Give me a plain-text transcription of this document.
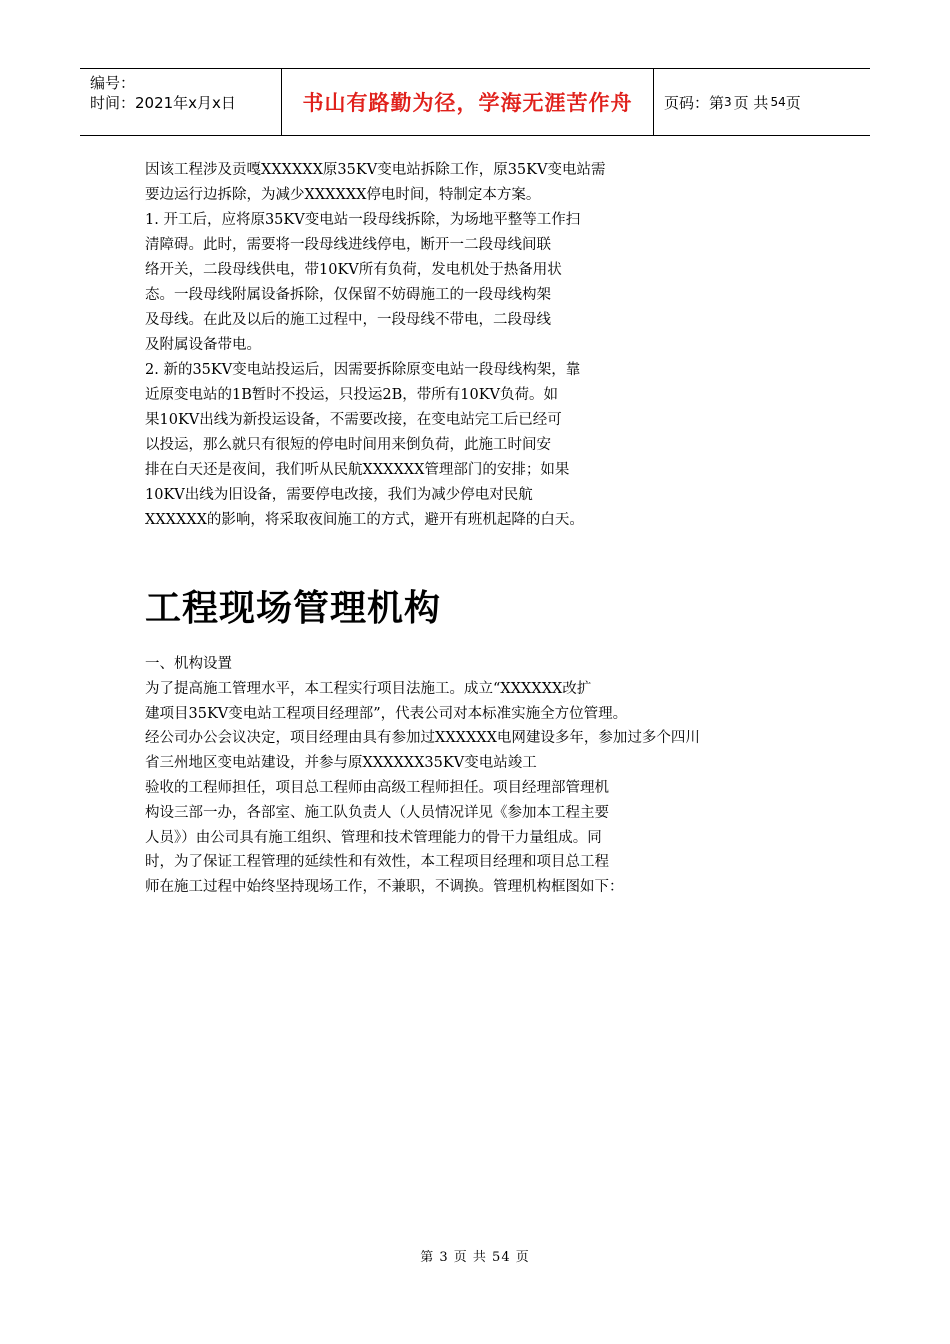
编号：
时间：2021年x月x日	书山有路勤为径，学海无涯苦作舟	页码：第 3 页 共 54 页

因该工程涉及贡嘎XXXXXX原35KV变电站拆除工作，原35KV变电站需

要边运行边拆除，为减少XXXXXX停电时间，特制定本方案。

1. 开工后，应将原35KV变电站一段母线拆除，为场地平整等工作扫

清障碍。此时，需要将一段母线进线停电，断开一二段母线间联

络开关，二段母线供电，带10KV所有负荷，发电机处于热备用状

态。一段母线附属设备拆除，仅保留不妨碍施工的一段母线构架

及母线。在此及以后的施工过程中，一段母线不带电，二段母线

及附属设备带电。

2. 新的35KV变电站投运后，因需要拆除原变电站一段母线构架，靠

近原变电站的1B暂时不投运，只投运2B，带所有10KV负荷。如

果10KV出线为新投运设备，不需要改接，在变电站完工后已经可

以投运，那么就只有很短的停电时间用来倒负荷，此施工时间安

排在白天还是夜间，我们听从民航XXXXXX管理部门的安排；如果

10KV出线为旧设备，需要停电改接，我们为减少停电对民航

XXXXXX的影响，将采取夜间施工的方式，避开有班机起降的白天。

工程现场管理机构

一、机构设置

为了提高施工管理水平，本工程实行项目法施工。成立“XXXXXX改扩

建项目35KV变电站工程项目经理部”，代表公司对本标准实施全方位管理。

经公司办公会议决定，项目经理由具有参加过XXXXXX电网建设多年，参加过多个四川

省三州地区变电站建设，并参与原XXXXXX35KV变电站竣工

验收的工程师担任，项目总工程师由高级工程师担任。项目经理部管理机

构设三部一办，各部室、施工队负责人（人员情况详见《参加本工程主要

人员》）由公司具有施工组织、管理和技术管理能力的骨干力量组成。同

时，为了保证工程管理的延续性和有效性，本工程项目经理和项目总工程

师在施工过程中始终坚持现场工作，不兼职，不调换。管理机构框图如下：

第 3 页 共 54 页
